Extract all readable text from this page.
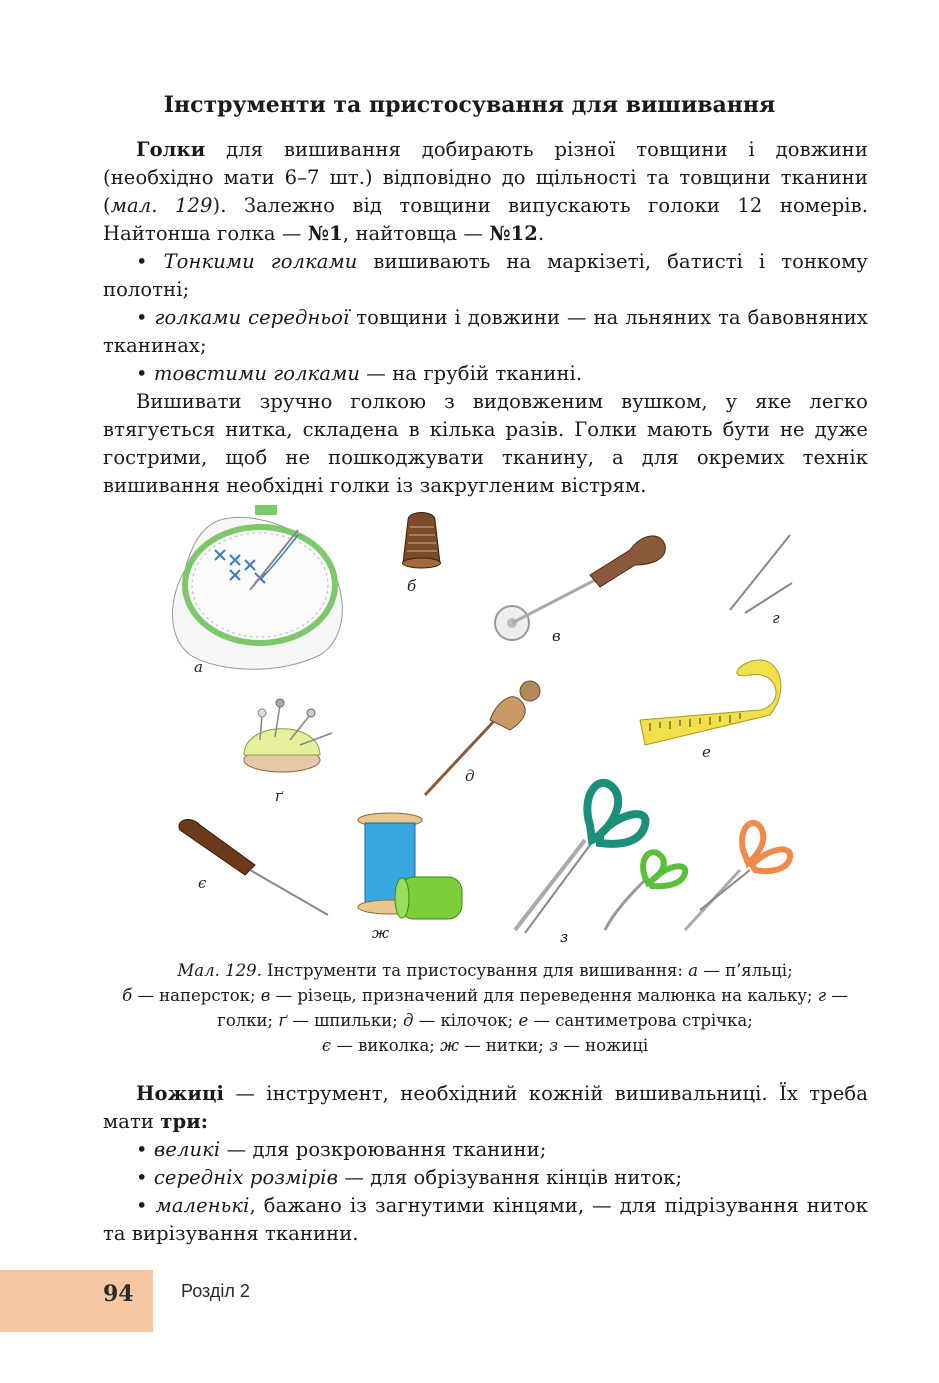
Інструменти та пристосування для вишивання

Голки для вишивання добирають різної товщини і довжини (необхідно мати 6–7 шт.) відповідно до щільності та товщини тканини (мал. 129). Залежно від товщини випускають голоки 12 номерів. Найтонша голка — №1, найтовща — №12.

• Тонкими голками вишивають на маркізеті, батисті і тонкому полотні;

• голками середньої товщини і довжини — на льняних та бавовняних тканинах;

• товстими голками — на грубій тканині.

Вишивати зручно голкою з видовженим вушком, у яке легко втягується нитка, складена в кілька разів. Голки мають бути не дуже гострими, щоб не пошкоджувати тканину, а для окремих технік вишивання необхідні голки із закругленим вістрям.

а
б
в
г
е
ґ
д
є
ж	з

Мал. 129. Інструменти та пристосування для вишивання: а — п’яльці;
б — наперсток; в — різець, призначений для переведення малюнка на кальку; г — голки; ґ — шпильки; д — кілочок; е — сантиметрова стрічка;
є — виколка; ж — нитки; з — ножиці

Ножиці — інструмент, необхідний кожній вишивальниці. Їх треба мати три:

• великі — для розкроювання тканини;

• середніх розмірів — для обрізування кінців ниток;

• маленькі, бажано із загнутими кінцями, — для підрізування ниток та вирізування тканини.

94	Розділ 2
